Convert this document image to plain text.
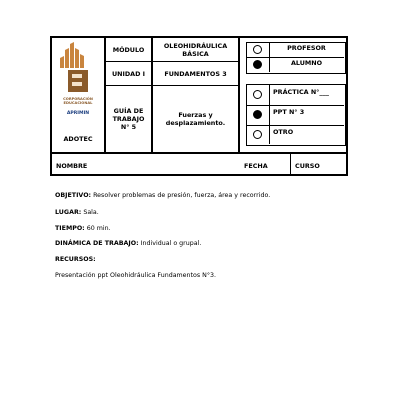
CORPORACIÓN
EDUCACIONAL
APRIMIN
ADOTEC
MÓDULO
UNIDAD I
GUÍA DE
TRABAJO
N° 5
OLEOHIDRÁULICA
BÁSICA
FUNDAMENTOS 3
Fuerzas y
desplazamiento.
PROFESOR
ALUMNO
PRÁCTICA N°___
PPT N° 3
OTRO
NOMBRE	FECHA	CURSO
OBJETIVO: Resolver problemas de presión, fuerza, área y recorrido.
LUGAR: Sala.
TIEMPO: 60 min.
DINÁMICA DE TRABAJO: Individual o grupal.
RECURSOS:
Presentación ppt Oleohidráulica Fundamentos N°3.
